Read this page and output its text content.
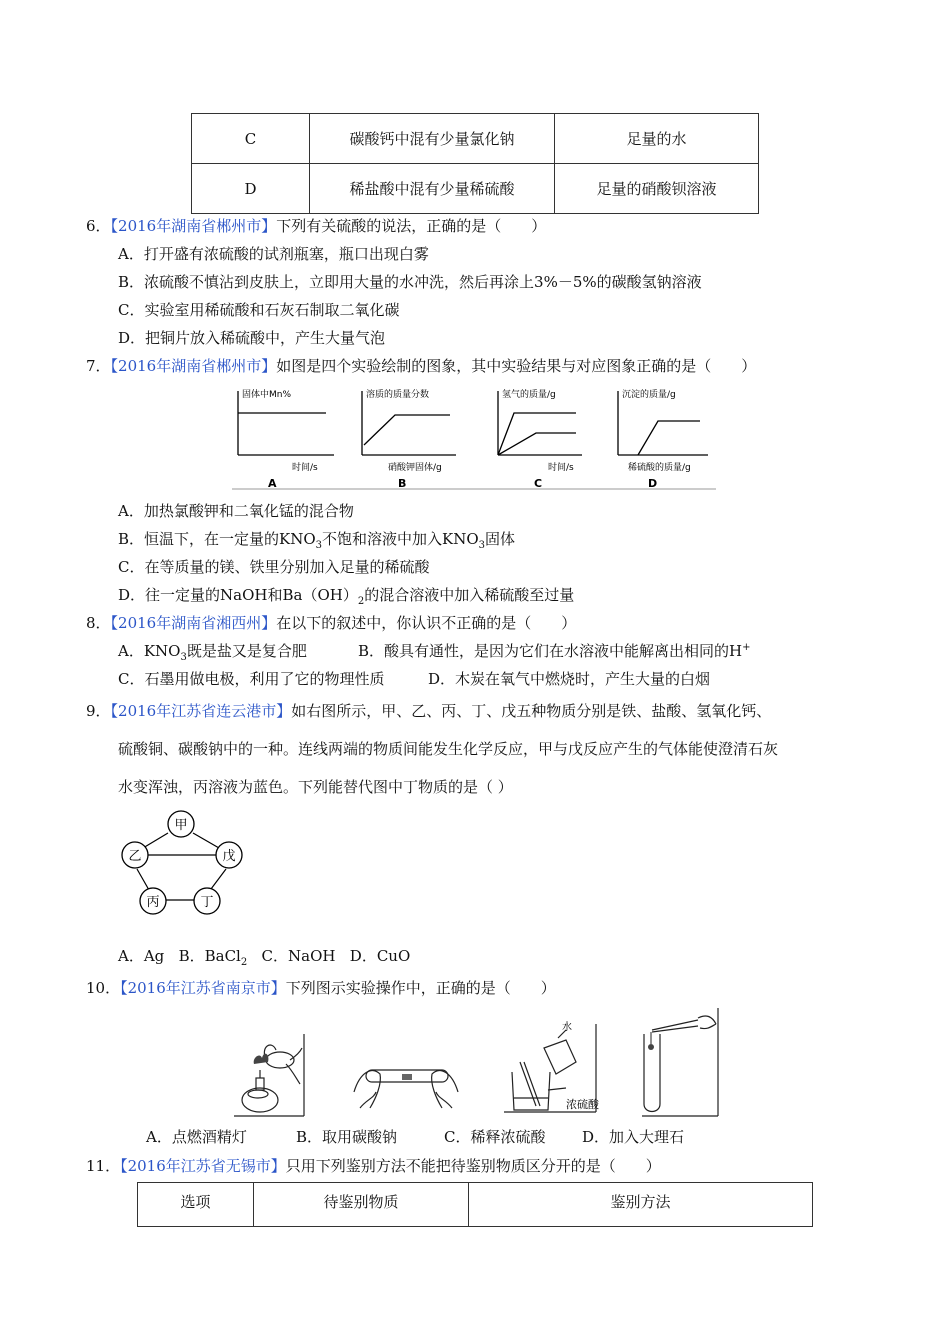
C	碳酸钙中混有少量氯化钠	足量的水
D	稀盐酸中混有少量稀硫酸	足量的硝酸钡溶液
6．【2016年湖南省郴州市】下列有关硫酸的说法，正确的是（　　）
A．打开盛有浓硫酸的试剂瓶塞，瓶口出现白雾
B．浓硫酸不慎沾到皮肤上，立即用大量的水冲洗，然后再涂上3%－5%的碳酸氢钠溶液
C．实验室用稀硫酸和石灰石制取二氧化碳
D．把铜片放入稀硫酸中，产生大量气泡
7．【2016年湖南省郴州市】如图是四个实验绘制的图象，其中实验结果与对应图象正确的是（　　）
固体中Mn%
时间/s
A
溶质的质量分数
硝酸钾固体/g
B
氢气的质量/g
时间/s
C
沉淀的质量/g
稀硫酸的质量/g
D
A．加热氯酸钾和二氧化锰的混合物
B．恒温下，在一定量的$KNO_3$不饱和溶液中加入$KNO_3$固体
C．在等质量的镁、铁里分别加入足量的稀硫酸
D．往一定量的NaOH和$Ba(OH)_2$的混合溶液中加入稀硫酸至过量
8．【2016年湖南省湘西州】在以下的叙述中，你认识不正确的是（　　）
A．$KNO_3$既是盐又是复合肥	B．酸具有通性，是因为它们在水溶液中能解离出相同的H+
C．石墨用做电极，利用了它的物理性质	D．木炭在氧气中燃烧时，产生大量的白烟
9．【2016年江苏省连云港市】如右图所示，甲、乙、丙、丁、戊五种物质分别是铁、盐酸、氢氧化钙、
硫酸铜、碳酸钠中的一种。连线两端的物质间能发生化学反应，甲与戊反应产生的气体能使澄清石灰
水变浑浊，丙溶液为蓝色。下列能替代图中丁物质的是（ ）
甲
乙	戊
丙	丁
A．Ag B．BaCl$_2$ C．NaOH D．CuO
10．【2016年江苏省南京市】下列图示实验操作中，正确的是（　　）
水
浓硫酸
A．点燃酒精灯	B．取用碳酸钠	C．稀释浓硫酸 D．加入大理石
11．【2016年江苏省无锡市】只用下列鉴别方法不能把待鉴别物质区分开的是（　　）
选项	待鉴别物质	鉴别方法
